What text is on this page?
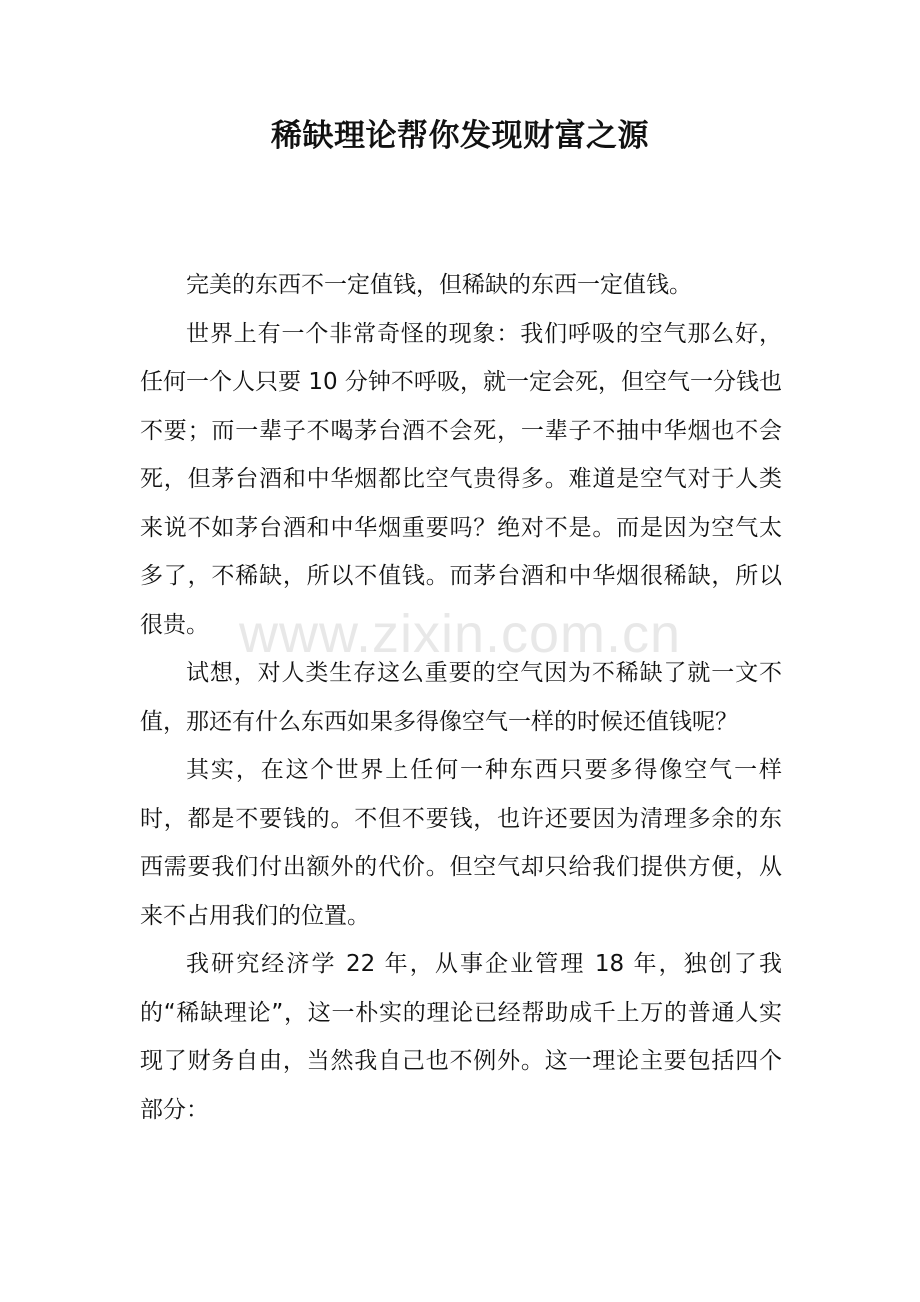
稀缺理论帮你发现财富之源

完美的东西不一定值钱，但稀缺的东西一定值钱。

世界上有一个非常奇怪的现象：我们呼吸的空气那么好，任何一个人只要 10 分钟不呼吸，就一定会死，但空气一分钱也不要；而一辈子不喝茅台酒不会死，一辈子不抽中华烟也不会死，但茅台酒和中华烟都比空气贵得多。难道是空气对于人类来说不如茅台酒和中华烟重要吗？绝对不是。而是因为空气太多了，不稀缺，所以不值钱。而茅台酒和中华烟很稀缺，所以很贵。

试想，对人类生存这么重要的空气因为不稀缺了就一文不值，那还有什么东西如果多得像空气一样的时候还值钱呢？

其实，在这个世界上任何一种东西只要多得像空气一样时，都是不要钱的。不但不要钱，也许还要因为清理多余的东西需要我们付出额外的代价。但空气却只给我们提供方便，从来不占用我们的位置。

我研究经济学 22 年，从事企业管理 18 年，独创了我的“稀缺理论”，这一朴实的理论已经帮助成千上万的普通人实现了财务自由，当然我自己也不例外。这一理论主要包括四个部分：

www.zixin.com.cn
